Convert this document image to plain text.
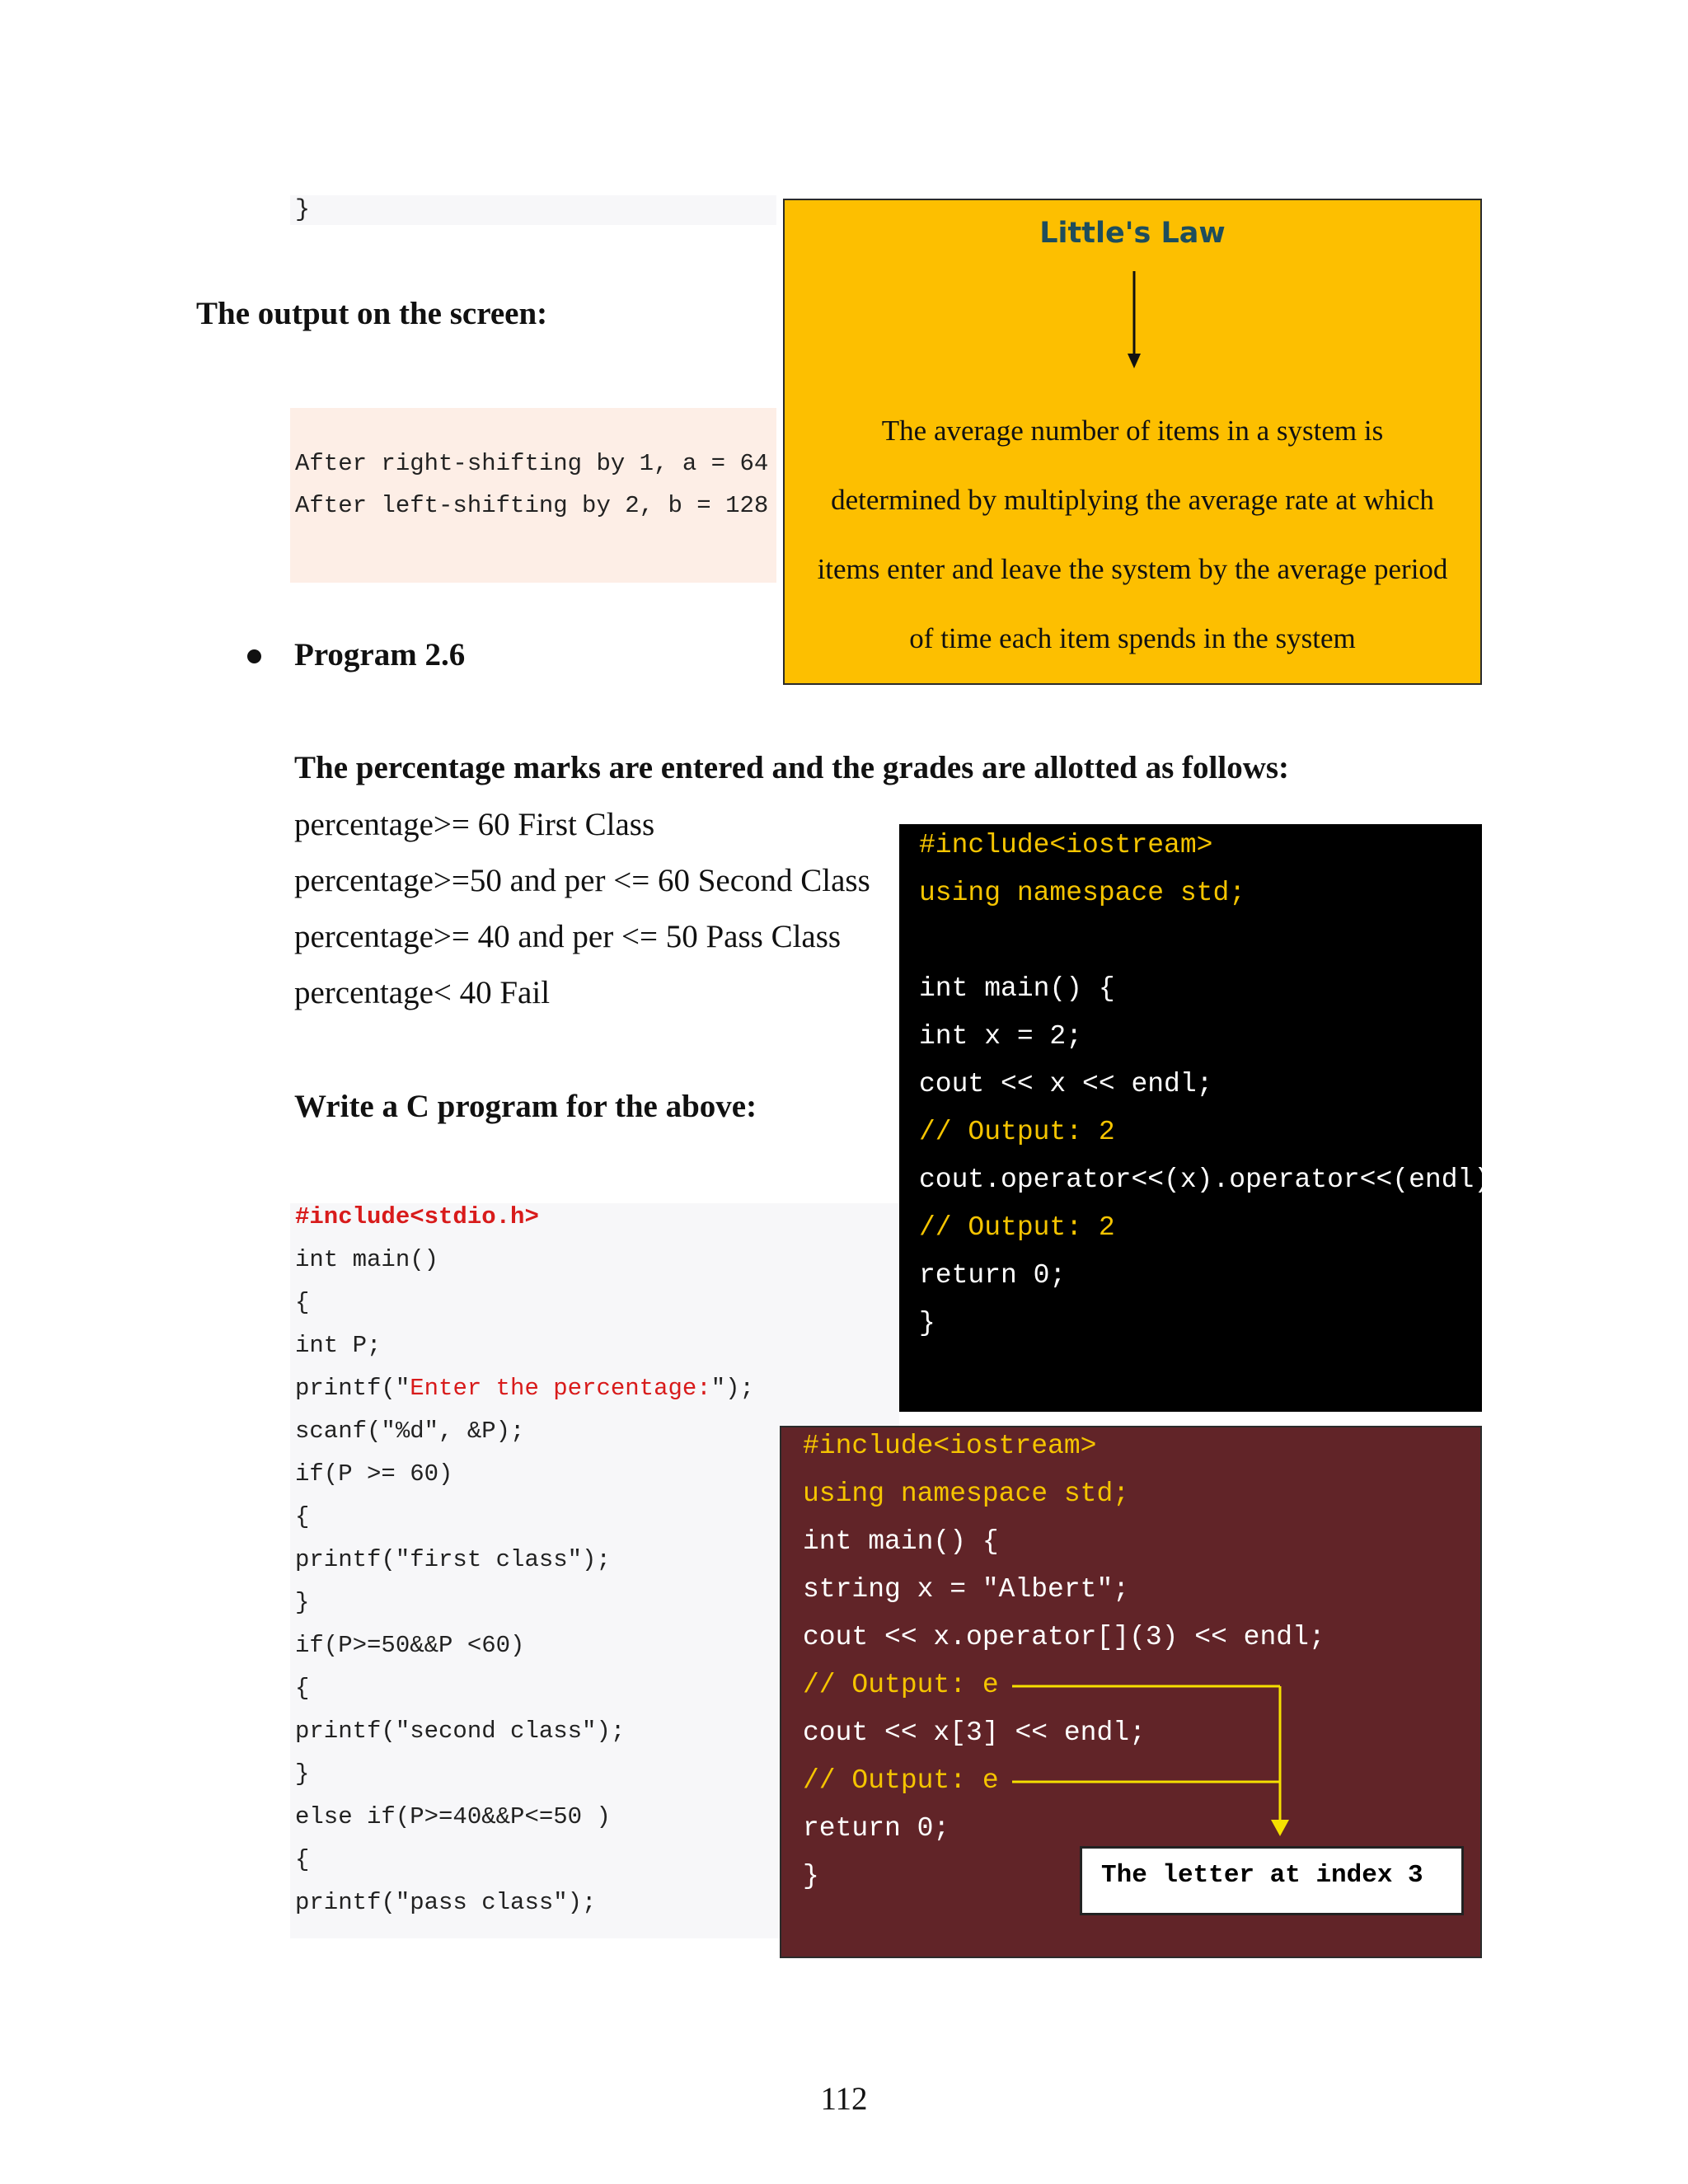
}
The output on the screen:
After right-shifting by 1, a = 64
After left-shifting by 2, b = 128
Program 2.6
Little's Law
The average number of items in a system is
determined by multiplying the average rate at which
items enter and leave the system by the average period
of time each item spends in the system
The percentage marks are entered and the grades are allotted as follows:
percentage>= 60 First Class
percentage>=50 and per <= 60 Second Class
percentage>= 40 and per <= 50 Pass Class
percentage< 40 Fail
Write a C program for the above:
#include<stdio.h>
int main()
{
int P;
printf("Enter the percentage:");
scanf("%d", &P);
if(P >= 60)
{
printf("first class");
}
if(P>=50&&P <60)
{
printf("second class");
}
else if(P>=40&&P<=50 )
{
printf("pass class");
#include<iostream>
using namespace std;
int main() {
int x = 2;
cout << x << endl;
// Output: 2
cout.operator<<(x).operator<<(endl);
// Output: 2
return 0;
}
#include<iostream>
using namespace std;
int main() {
string x = "Albert";
cout << x.operator[](3) << endl;
// Output: e
cout << x[3] << endl;
// Output: e
return 0;
}	The letter at index 3
112
